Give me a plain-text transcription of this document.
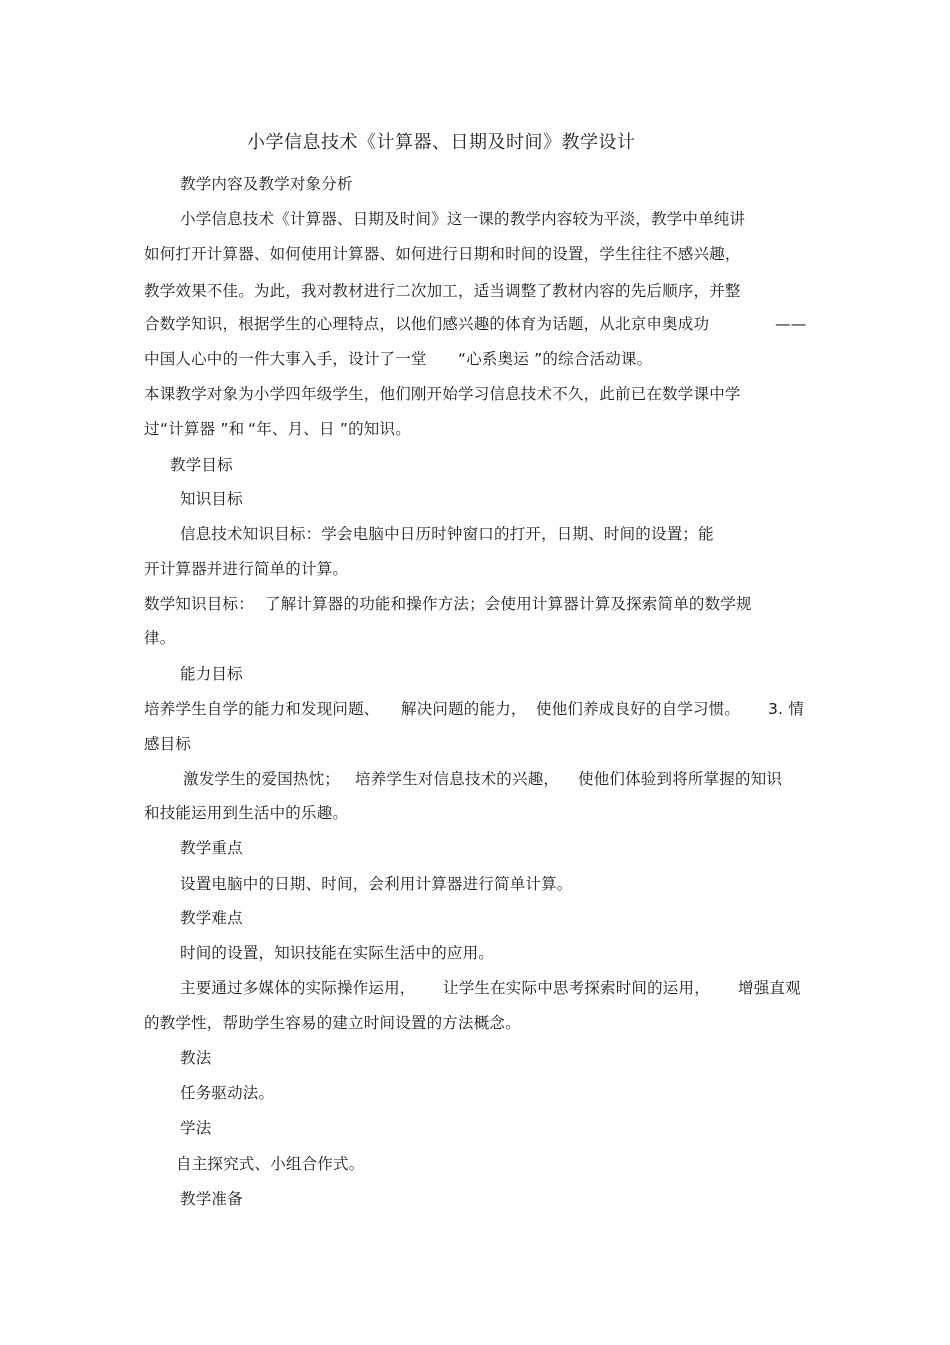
小学信息技术《计算器、日期及时间》教学设计
教学内容及教学对象分析
小学信息技术《计算器、日期及时间》这一课的教学内容较为平淡，教学中单纯讲
如何打开计算器、如何使用计算器、如何进行日期和时间的设置，学生往往不感兴趣，
教学效果不佳。为此，我对教材进行二次加工，适当调整了教材内容的先后顺序，并整
合数学知识，根据学生的心理特点，以他们感兴趣的体育为话题，从北京申奥成功	——
中国人心中的一件大事入手，设计了一堂 “心系奥运 ”的综合活动课。
本课教学对象为小学四年级学生，他们刚开始学习信息技术不久，此前已在数学课中学
过 “计算器 ”和 “年、月、日 ”的知识。
教学目标
知识目标
信息技术知识目标：学会电脑中日历时钟窗口的打开，日期、时间的设置；能
开计算器并进行简单的计算。
数学知识目标： 了解计算器的功能和操作方法；会使用计算器计算及探索简单的数学规
律。
能力目标
培养学生自学的能力和发现问题、 解决问题的能力， 使他们养成良好的自学习惯。 3. 情
感目标
激发学生的爱国热忱； 培养学生对信息技术的兴趣， 使他们体验到将所掌握的知识
和技能运用到生活中的乐趣。
教学重点
设置电脑中的日期、时间，会利用计算器进行简单计算。
教学难点
时间的设置，知识技能在实际生活中的应用。
主要通过多媒体的实际操作运用， 让学生在实际中思考探索时间的运用， 增强直观
的教学性，帮助学生容易的建立时间设置的方法概念。
教法
任务驱动法。
学法
自主探究式、小组合作式。
教学准备
